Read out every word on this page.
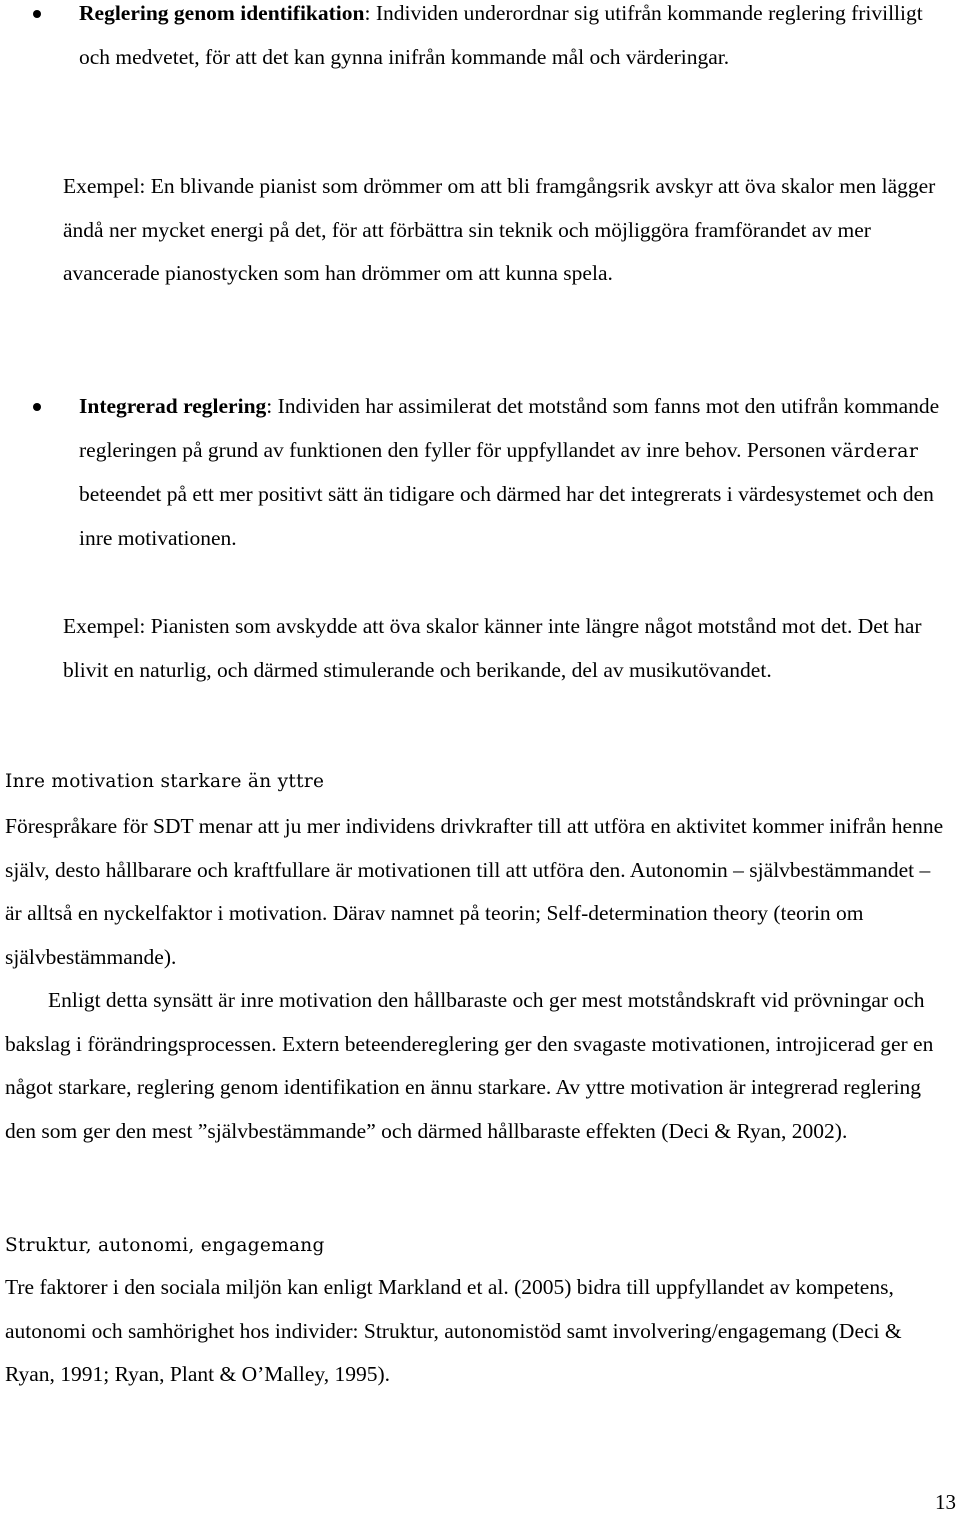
Reglering genom identifikation: Individen underordnar sig utifrån kommande reglering frivilligt och medvetet, för att det kan gynna inifrån kommande mål och värderingar.
Exempel: En blivande pianist som drömmer om att bli framgångsrik avskyr att öva skalor men lägger ändå ner mycket energi på det, för att förbättra sin teknik och möjliggöra framförandet av mer avancerade pianostycken som han drömmer om att kunna spela.
Integrerad reglering: Individen har assimilerat det motstånd som fanns mot den utifrån kommande regleringen på grund av funktionen den fyller för uppfyllandet av inre behov. Personen värderar beteendet på ett mer positivt sätt än tidigare och därmed har det integrerats i värdesystemet och den inre motivationen.
Exempel: Pianisten som avskydde att öva skalor känner inte längre något motstånd mot det. Det har blivit en naturlig, och därmed stimulerande och berikande, del av musikutövandet.
Inre motivation starkare än yttre
Förespråkare för SDT menar att ju mer individens drivkrafter till att utföra en aktivitet kommer inifrån henne själv, desto hållbarare och kraftfullare är motivationen till att utföra den. Autonomin – självbestämmandet – är alltså en nyckelfaktor i motivation. Därav namnet på teorin; Self-determination theory (teorin om självbestämmande).
Enligt detta synsätt är inre motivation den hållbaraste och ger mest motståndskraft vid prövningar och bakslag i förändringsprocessen. Extern beteendereglering ger den svagaste motivationen, introjicerad ger en något starkare, reglering genom identifikation en ännu starkare. Av yttre motivation är integrerad reglering den som ger den mest ”självbestämmande” och därmed hållbaraste effekten (Deci & Ryan, 2002).
Struktur, autonomi, engagemang
Tre faktorer i den sociala miljön kan enligt Markland et al. (2005) bidra till uppfyllandet av kompetens, autonomi och samhörighet hos individer: Struktur, autonomistöd samt involvering/engagemang (Deci & Ryan, 1991; Ryan, Plant & O’Malley, 1995).
13
